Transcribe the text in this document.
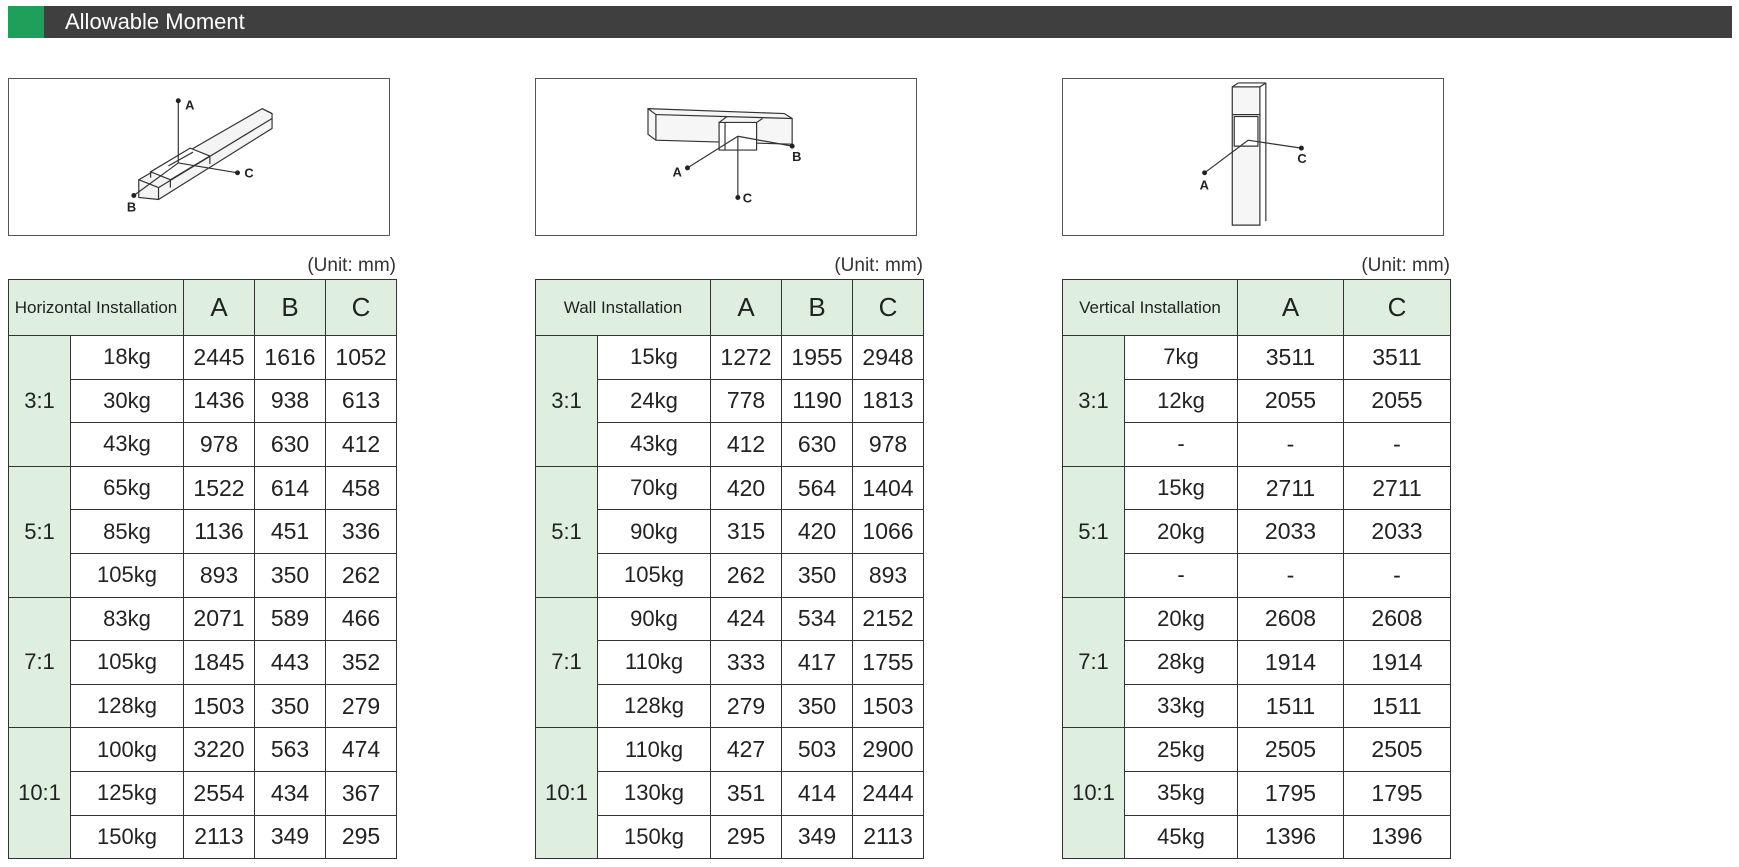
Allowable Moment
A
C
B
C
A
B
A
C
(Unit: mm)	(Unit: mm)	(Unit: mm)
Horizontal Installation		A	B	C
3:1	18kg	2445	1616	1052
	30kg	1436	938	613
	43kg	978	630	412
5:1	65kg	1522	614	458
	85kg	1136	451	336
	105kg	893	350	262
7:1	83kg	2071	589	466
	105kg	1845	443	352
	128kg	1503	350	279
10:1	100kg	3220	563	474
	125kg	2554	434	367
	150kg	2113	349	295
Wall Installation		A	B	C
3:1	15kg	1272	1955	2948
	24kg	778	1190	1813
	43kg	412	630	978
5:1	70kg	420	564	1404
	90kg	315	420	1066
	105kg	262	350	893
7:1	90kg	424	534	2152
	110kg	333	417	1755
	128kg	279	350	1503
10:1	110kg	427	503	2900
	130kg	351	414	2444
	150kg	295	349	2113
Vertical Installation		A	C
3:1	7kg	3511	3511
	12kg	2055	2055
	-	-	-
5:1	15kg	2711	2711
	20kg	2033	2033
	-	-	-
7:1	20kg	2608	2608
	28kg	1914	1914
	33kg	1511	1511
10:1	25kg	2505	2505
	35kg	1795	1795
	45kg	1396	1396
